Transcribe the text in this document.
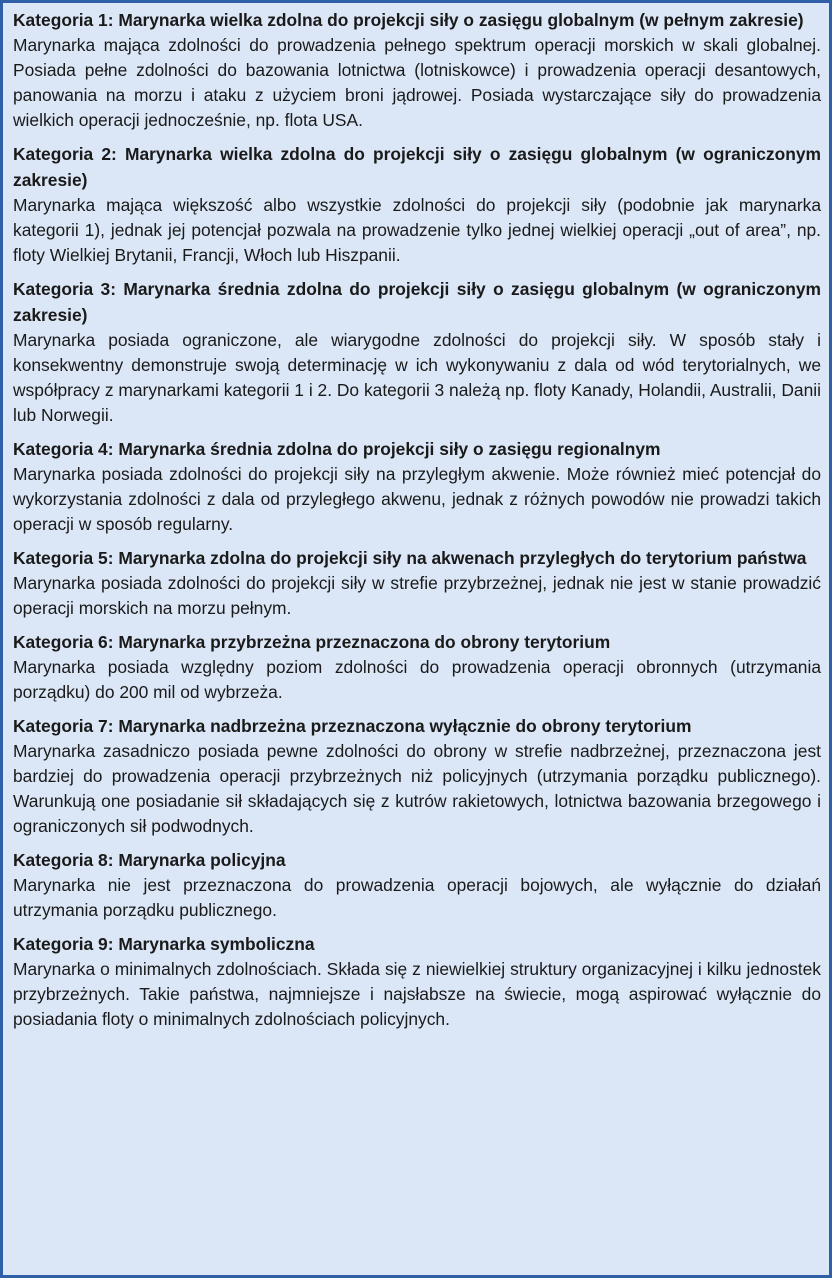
Kategoria 1: Marynarka wielka zdolna do projekcji siły o zasięgu globalnym (w pełnym zakresie)

Marynarka mająca zdolności do prowadzenia pełnego spektrum operacji morskich w skali globalnej. Posiada pełne zdolności do bazowania lotnictwa (lotniskowce) i prowadzenia operacji desantowych, panowania na morzu i ataku z użyciem broni jądrowej. Posiada wystarczające siły do prowadzenia wielkich operacji jednocześnie, np. flota USA.

Kategoria 2: Marynarka wielka zdolna do projekcji siły o zasięgu globalnym (w ograniczonym zakresie)

Marynarka mająca większość albo wszystkie zdolności do projekcji siły (podobnie jak marynarka kategorii 1), jednak jej potencjał pozwala na prowadzenie tylko jednej wielkiej operacji „out of area”, np. floty Wielkiej Brytanii, Francji, Włoch lub Hiszpanii.

Kategoria 3: Marynarka średnia zdolna do projekcji siły o zasięgu globalnym (w ograniczonym zakresie)

Marynarka posiada ograniczone, ale wiarygodne zdolności do projekcji siły. W sposób stały i konsekwentny demonstruje swoją determinację w ich wykonywaniu z dala od wód terytorialnych, we współpracy z marynarkami kategorii 1 i 2. Do kategorii 3 należą np. floty Kanady, Holandii, Australii, Danii lub Norwegii.

Kategoria 4: Marynarka średnia zdolna do projekcji siły o zasięgu regionalnym

Marynarka posiada zdolności do projekcji siły na przyległym akwenie. Może również mieć potencjał do wykorzystania zdolności z dala od przyległego akwenu, jednak z różnych powodów nie prowadzi takich operacji w sposób regularny.

Kategoria 5: Marynarka zdolna do projekcji siły na akwenach przyległych do terytorium państwa

Marynarka posiada zdolności do projekcji siły w strefie przybrzeżnej, jednak nie jest w stanie prowadzić operacji morskich na morzu pełnym.

Kategoria 6: Marynarka przybrzeżna przeznaczona do obrony terytorium

Marynarka posiada względny poziom zdolności do prowadzenia operacji obronnych (utrzymania porządku) do 200 mil od wybrzeża.

Kategoria 7: Marynarka nadbrzeżna przeznaczona wyłącznie do obrony terytorium

Marynarka zasadniczo posiada pewne zdolności do obrony w strefie nadbrzeżnej, przeznaczona jest bardziej do prowadzenia operacji przybrzeżnych niż policyjnych (utrzymania porządku publicznego). Warunkują one posiadanie sił składających się z kutrów rakietowych, lotnictwa bazowania brzegowego i ograniczonych sił podwodnych.

Kategoria 8: Marynarka policyjna

Marynarka nie jest przeznaczona do prowadzenia operacji bojowych, ale wyłącznie do działań utrzymania porządku publicznego.

Kategoria 9: Marynarka symboliczna

Marynarka o minimalnych zdolnościach. Składa się z niewielkiej struktury organizacyjnej i kilku jednostek przybrzeżnych. Takie państwa, najmniejsze i najsłabsze na świecie, mogą aspirować wyłącznie do posiadania floty o minimalnych zdolnościach policyjnych.
